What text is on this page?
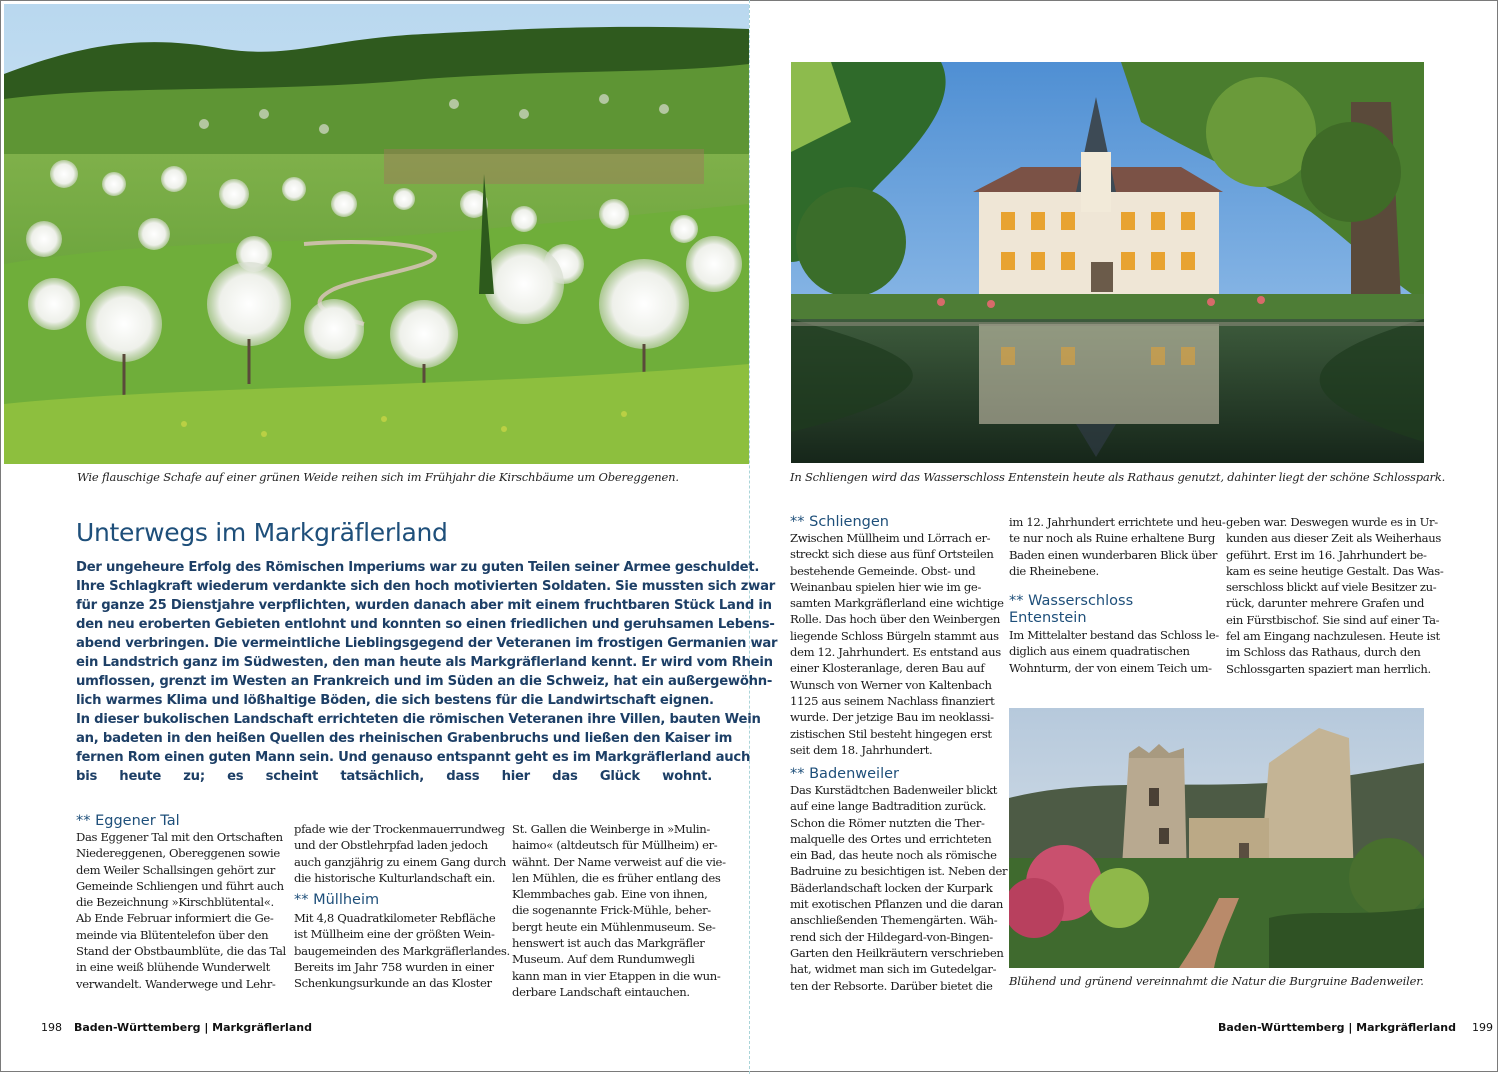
Wie flauschige Schafe auf einer grünen Weide reihen sich im Frühjahr die Kirschbäume um Obereggenen.
Unterwegs im Markgräflerland

Der ungeheure Erfolg des Römischen Imperiums war zu guten Teilen seiner Armee geschuldet.
Ihre Schlagkraft wiederum verdankte sich den hoch motivierten Soldaten. Sie mussten sich zwar
für ganze 25 Dienstjahre verpflichten, wurden danach aber mit einem fruchtbaren Stück Land in
den neu eroberten Gebieten entlohnt und konnten so einen friedlichen und geruhsamen Lebens-
abend verbringen. Die vermeintliche Lieblingsgegend der Veteranen im frostigen Germanien war
ein Landstrich ganz im Südwesten, den man heute als Markgräflerland kennt. Er wird vom Rhein
umflossen, grenzt im Westen an Frankreich und im Süden an die Schweiz, hat ein außergewöhn-
lich warmes Klima und lößhaltige Böden, die sich bestens für die Landwirtschaft eignen.
In dieser bukolischen Landschaft errichteten die römischen Veteranen ihre Villen, bauten Wein
an, badeten in den heißen Quellen des rheinischen Grabenbruchs und ließen den Kaiser im
fernen Rom einen guten Mann sein. Und genauso entspannt geht es im Markgräflerland auch
bis heute zu; es scheint tatsächlich, dass hier das Glück wohnt.

** Eggener Tal
Das Eggener Tal mit den Ortschaften
Niedereggenen, Obereggenen sowie
dem Weiler Schallsingen gehört zur
Gemeinde Schliengen und führt auch
die Bezeichnung »Kirschblütental«.
Ab Ende Februar informiert die Ge-
meinde via Blütentelefon über den
Stand der Obstbaumblüte, die das Tal
in eine weiß blühende Wunderwelt
verwandelt. Wanderwege und Lehr-
pfade wie der Trockenmauerrundweg
und der Obstlehrpfad laden jedoch
auch ganzjährig zu einem Gang durch
die historische Kulturlandschaft ein.
** Müllheim
Mit 4,8 Quadratkilometer Rebfläche
ist Müllheim eine der größten Wein-
baugemeinden des Markgräflerlandes.
Bereits im Jahr 758 wurden in einer
Schenkungsurkunde an das Kloster
St. Gallen die Weinberge in »Mulin-
haimo« (altdeutsch für Müllheim) er-
wähnt. Der Name verweist auf die vie-
len Mühlen, die es früher entlang des
Klemmbaches gab. Eine von ihnen,
die sogenannte Frick-Mühle, beher-
bergt heute ein Mühlenmuseum. Se-
henswert ist auch das Markgräfler
Museum. Auf dem Rundumwegli
kann man in vier Etappen in die wun-
derbare Landschaft eintauchen.
198 Baden-Württemberg | Markgräflerland
In Schliengen wird das Wasserschloss Entenstein heute als Rathaus genutzt, dahinter liegt der schöne Schlosspark.
** Schliengen
Zwischen Müllheim und Lörrach er-
streckt sich diese aus fünf Ortsteilen
bestehende Gemeinde. Obst- und
Weinanbau spielen hier wie im ge-
samten Markgräflerland eine wichtige
Rolle. Das hoch über den Weinbergen
liegende Schloss Bürgeln stammt aus
dem 12. Jahrhundert. Es entstand aus
einer Klosteranlage, deren Bau auf
Wunsch von Werner von Kaltenbach
1125 aus seinem Nachlass finanziert
wurde. Der jetzige Bau im neoklassi-
zistischen Stil besteht hingegen erst
seit dem 18. Jahrhundert.
** Badenweiler
Das Kurstädtchen Badenweiler blickt
auf eine lange Badtradition zurück.
Schon die Römer nutzten die Ther-
malquelle des Ortes und errichteten
ein Bad, das heute noch als römische
Badruine zu besichtigen ist. Neben der
Bäderlandschaft locken der Kurpark
mit exotischen Pflanzen und die daran
anschließenden Themengärten. Wäh-
rend sich der Hildegard-von-Bingen-
Garten den Heilkräutern verschrieben
hat, widmet man sich im Gutedelgar-
ten der Rebsorte. Darüber bietet die
im 12. Jahrhundert errichtete und heu-
te nur noch als Ruine erhaltene Burg
Baden einen wunderbaren Blick über
die Rheinebene.
** Wasserschloss
Entenstein
Im Mittelalter bestand das Schloss le-
diglich aus einem quadratischen
Wohnturm, der von einem Teich um-
geben war. Deswegen wurde es in Ur-
kunden aus dieser Zeit als Weiherhaus
geführt. Erst im 16. Jahrhundert be-
kam es seine heutige Gestalt. Das Was-
serschloss blickt auf viele Besitzer zu-
rück, darunter mehrere Grafen und
ein Fürstbischof. Sie sind auf einer Ta-
fel am Eingang nachzulesen. Heute ist
im Schloss das Rathaus, durch den
Schlossgarten spaziert man herrlich.
Blühend und grünend vereinnahmt die Natur die Burgruine Badenweiler.
Baden-Württemberg | Markgräflerland 199
